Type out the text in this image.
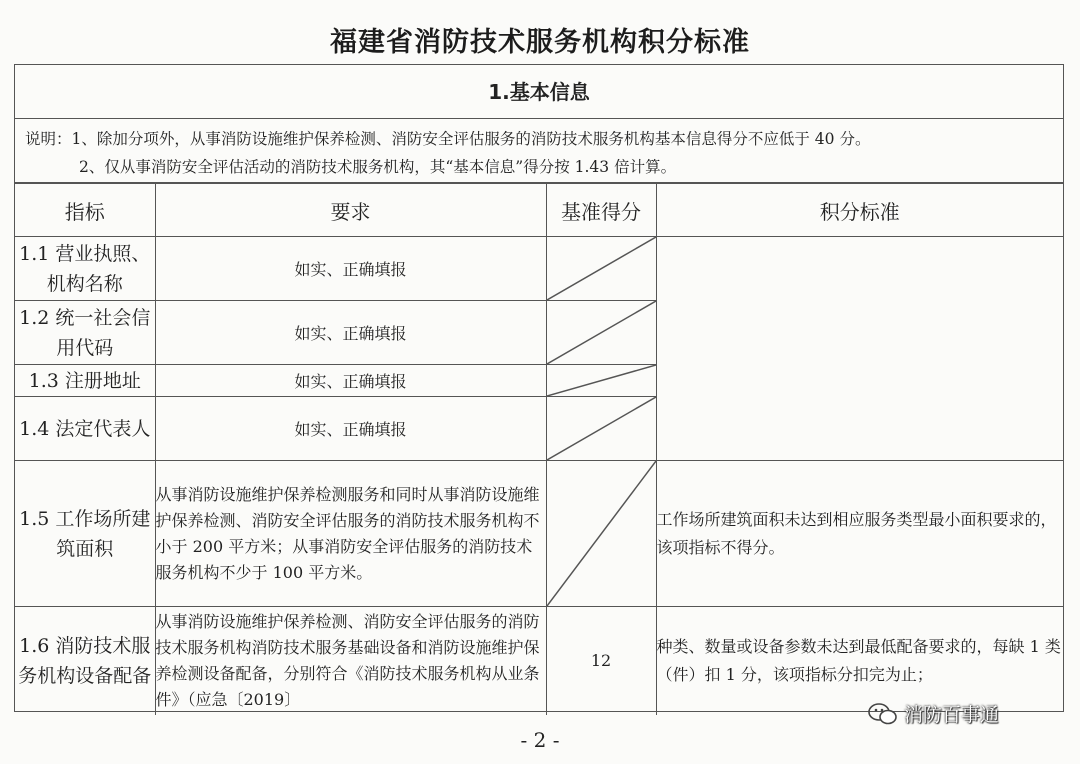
福建省消防技术服务机构积分标准
1.基本信息
说明：1、除加分项外，从事消防设施维护保养检测、消防安全评估服务的消防技术服务机构基本信息得分不应低于 40 分。
2、仅从事消防安全评估活动的消防技术服务机构，其“基本信息”得分按 1.43 倍计算。
指标	要求	基准得分	积分标准
1.1 营业执照、机构名称	如实、正确填报	

1.2 统一社会信用代码	如实、正确填报	

1.3 注册地址	如实、正确填报	

1.4 法定代表人	如实、正确填报	

1.5 工作场所建筑面积	从事消防设施维护保养检测服务和同时从事消防设施维护保养检测、消防安全评估服务的消防技术服务机构不小于 200 平方米；从事消防安全评估服务的消防技术服务机构不少于 100 平方米。		工作场所建筑面积未达到相应服务类型最小面积要求的，该项指标不得分。
1.6 消防技术服务机构设备配备	从事消防设施维护保养检测、消防安全评估服务的消防技术服务机构消防技术服务基础设备和消防设施维护保养检测设备配备，分别符合《消防技术服务机构从业条件》（应急〔2019〕	12	种类、数量或设备参数未达到最低配备要求的，每缺 1 类（件）扣 1 分，该项指标分扣完为止；
消防百事通
- 2 -
